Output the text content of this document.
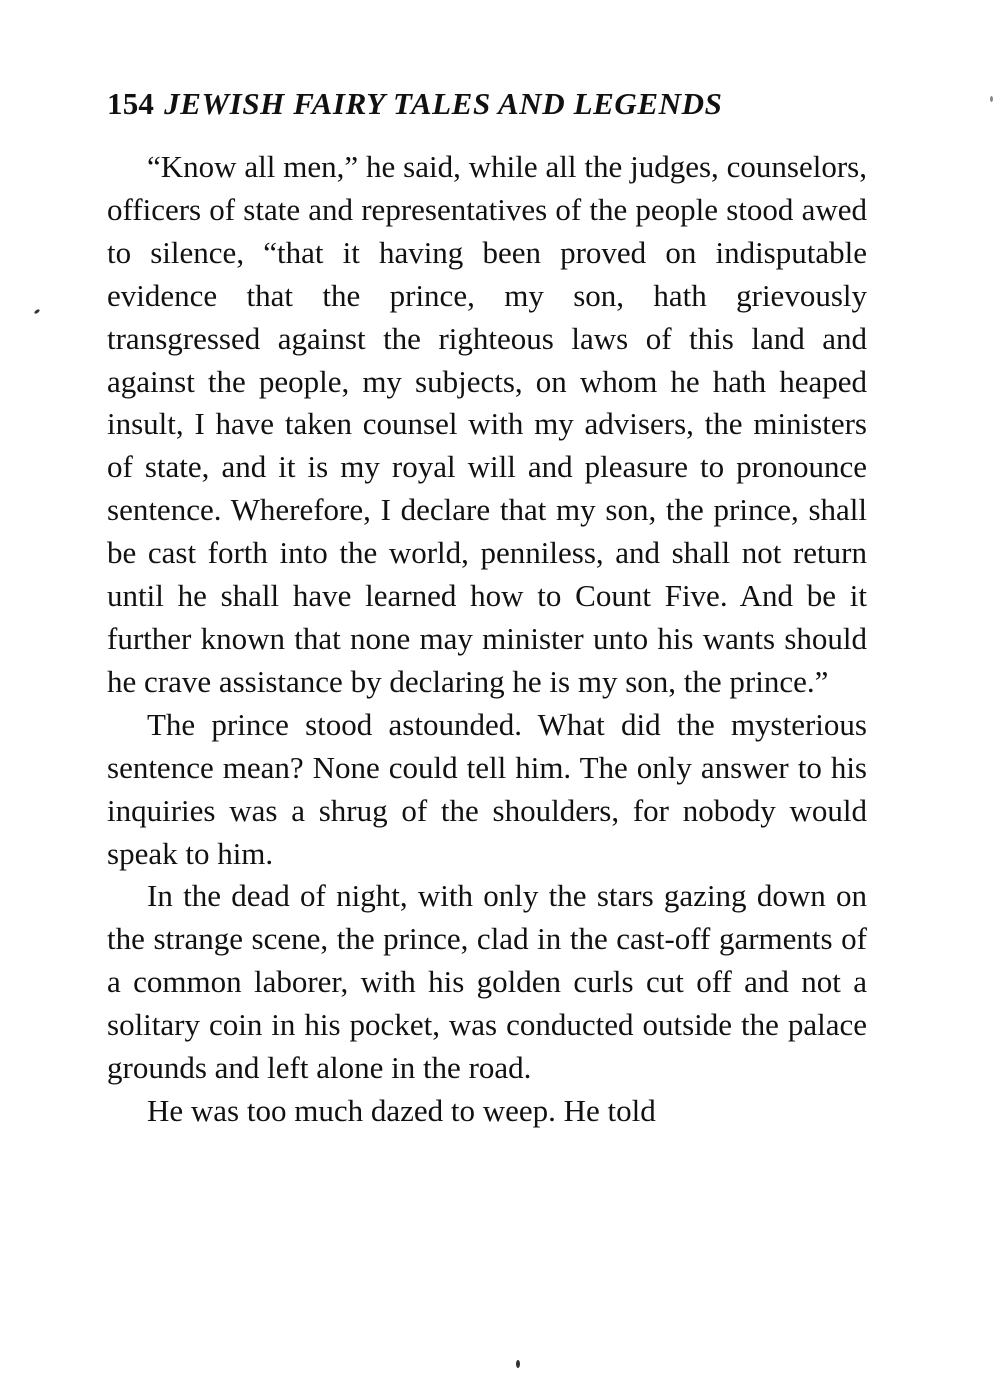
154 JEWISH FAIRY TALES AND LEGENDS

“Know all men,” he said, while all the judges, counselors, officers of state and representatives of the people stood awed to silence, “that it having been proved on indisputable evidence that the prince, my son, hath grievously transgressed against the righteous laws of this land and against the people, my subjects, on whom he hath heaped insult, I have taken counsel with my advisers, the ministers of state, and it is my royal will and pleasure to pronounce sentence. Wherefore, I declare that my son, the prince, shall be cast forth into the world, penniless, and shall not return until he shall have learned how to Count Five. And be it further known that none may minister unto his wants should he crave assistance by declaring he is my son, the prince.”

The prince stood astounded. What did the mysterious sentence mean? None could tell him. The only answer to his inquiries was a shrug of the shoulders, for nobody would speak to him.

In the dead of night, with only the stars gazing down on the strange scene, the prince, clad in the cast-off garments of a common laborer, with his golden curls cut off and not a solitary coin in his pocket, was conducted outside the palace grounds and left alone in the road.

He was too much dazed to weep. He told
